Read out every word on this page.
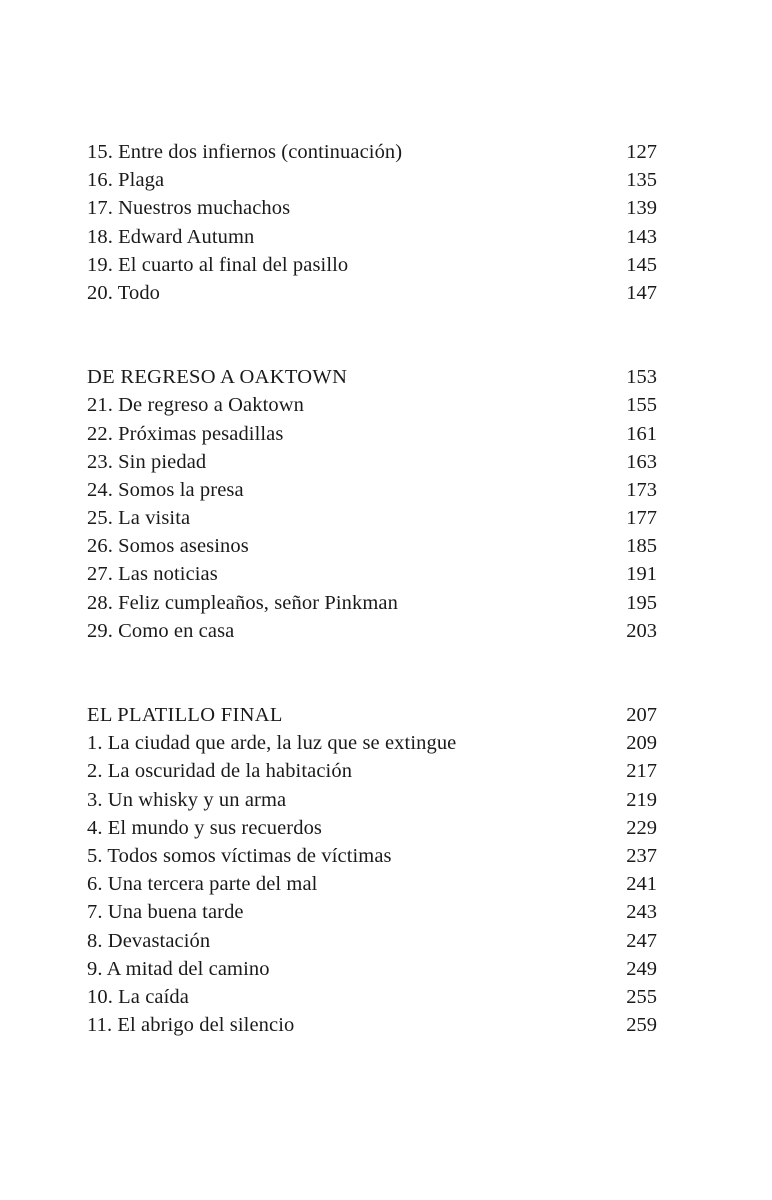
15. Entre dos infiernos (continuación)	127
16. Plaga	135
17. Nuestros muchachos	139
18. Edward Autumn	143
19. El cuarto al final del pasillo	145
20. Todo	147
DE REGRESO A OAKTOWN	153
21. De regreso a Oaktown	155
22. Próximas pesadillas	161
23. Sin piedad	163
24. Somos la presa	173
25. La visita	177
26. Somos asesinos	185
27. Las noticias	191
28. Feliz cumpleaños, señor Pinkman	195
29. Como en casa	203
EL PLATILLO FINAL	207
1. La ciudad que arde, la luz que se extingue	209
2. La oscuridad de la habitación	217
3. Un whisky y un arma	219
4. El mundo y sus recuerdos	229
5. Todos somos víctimas de víctimas	237
6. Una tercera parte del mal	241
7. Una buena tarde	243
8. Devastación	247
9. A mitad del camino	249
10. La caída	255
11. El abrigo del silencio	259
